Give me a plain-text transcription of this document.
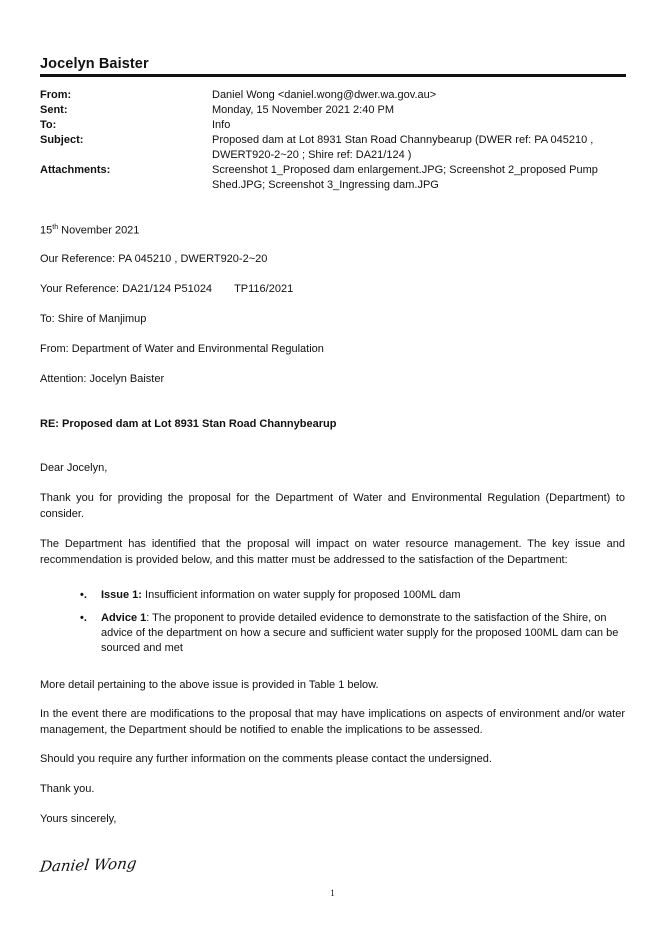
Jocelyn Baister
From:	Daniel Wong <daniel.wong@dwer.wa.gov.au>
Sent:	Monday, 15 November 2021 2:40 PM
To:	Info
Subject:	Proposed dam at Lot 8931 Stan Road Channybearup (DWER ref: PA 045210 , DWERT920-2~20 ; Shire ref: DA21/124 )
Attachments:	Screenshot 1_Proposed dam enlargement.JPG; Screenshot 2_proposed Pump Shed.JPG; Screenshot 3_Ingressing dam.JPG
15th November 2021
Our Reference: PA 045210 , DWERT920-2~20
Your Reference: DA21/124 P51024 TP116/2021
To: Shire of Manjimup
From: Department of Water and Environmental Regulation
Attention: Jocelyn Baister
RE: Proposed dam at Lot 8931 Stan Road Channybearup
Dear Jocelyn,
Thank you for providing the proposal for the Department of Water and Environmental Regulation (Department) to consider.
The Department has identified that the proposal will impact on water resource management. The key issue and recommendation is provided below, and this matter must be addressed to the satisfaction of the Department:
•.	Issue 1: Insufficient information on water supply for proposed 100ML dam
•.	Advice 1: The proponent to provide detailed evidence to demonstrate to the satisfaction of the Shire, on advice of the department on how a secure and sufficient water supply for the proposed 100ML dam can be sourced and met
More detail pertaining to the above issue is provided in Table 1 below.
In the event there are modifications to the proposal that may have implications on aspects of environment and/or water management, the Department should be notified to enable the implications to be assessed.
Should you require any further information on the comments please contact the undersigned.
Thank you.
Yours sincerely,
Daniel Wong
1
